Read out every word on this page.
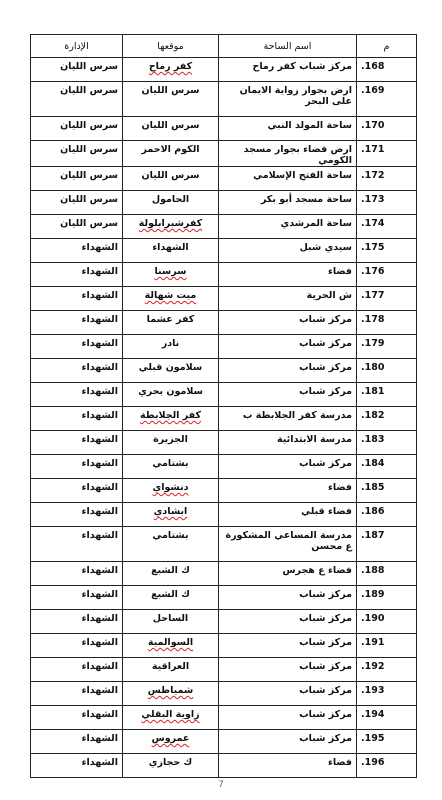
م	اسم الساحة	موقعها	الإدارة
.168	مركز شباب كفر رماح	كفر رماح	سرس الليان
.169	ارض بجوار زواية الايمان على البحر	سرس الليان	سرس الليان
.170	ساحة المولد النبي	سرس الليان	سرس الليان
.171	ارض فضاء بجوار مسجد الكومي	الكوم الاحمر	سرس الليان
.172	ساحة الفتح الإسلامي	سرس الليان	سرس الليان
.173	ساحة مسجد أبو بكر	الحامول	سرس الليان
.174	ساحة المرشدي	كفرشبرابلولة	سرس الليان
.175	سيدي شبل	الشهداء	الشهداء
.176	فضاء	سرسنا	الشهداء
.177	ش الحرية	ميت شهالة	الشهداء
.178	مركز شباب	كفر عشما	الشهداء
.179	مركز شباب	نادر	الشهداء
.180	مركز شباب	سلامون قبلي	الشهداء
.181	مركز شباب	سلامون بحري	الشهداء
.182	مدرسة كفر الجلابطة ب	كفر الجلابطة	الشهداء
.183	مدرسة الابتدائية	الجزيرة	الشهداء
.184	مركز شباب	بشتامي	الشهداء
.185	فضاء	دنشواي	الشهداء
.186	فضاء قبلي	ابشادي	الشهداء
.187	مدرسة المساعي المشكورة ع محسن	بشتامي	الشهداء
.188	فضاء ع هجرس	ك الشبع	الشهداء
.189	مركز شباب	ك الشبع	الشهداء
.190	مركز شباب	الساحل	الشهداء
.191	مركز شباب	السوالمية	الشهداء
.192	مركز شباب	العراقية	الشهداء
.193	مركز شباب	شمياطس	الشهداء
.194	مركز شباب	زاوية البقلي	الشهداء
.195	مركز شباب	عمروس	الشهداء
.196	فضاء	ك حجازي	الشهداء
7
